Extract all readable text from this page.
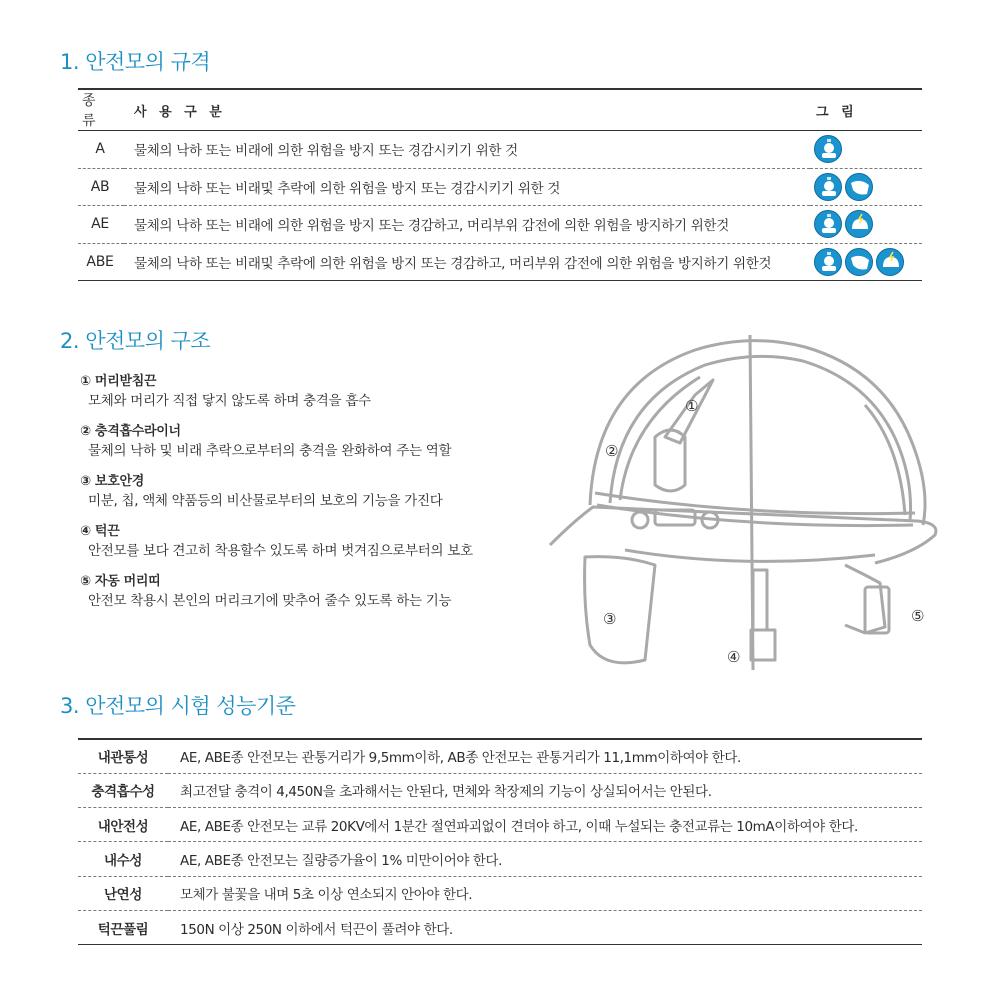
1. 안전모의 규격
종 류	사 용 구 분	그 림
A	물체의 낙하 또는 비래에 의한 위험을 방지 또는 경감시키기 위한 것	

AB	물체의 낙하 또는 비래및 추락에 의한 위험을 방지 또는 경감시키기 위한 것	

AE	물체의 낙하 또는 비래에 의한 위험을 방지 또는 경감하고, 머리부위 감전에 의한 위험을 방지하기 위한것	

ABE	물체의 낙하 또는 비래및 추락에 의한 위험을 방지 또는 경감하고, 머리부위 감전에 의한 위험을 방지하기 위한것	
2. 안전모의 구조
① 머리받침끈
모체와 머리가 직접 닿지 않도록 하며 충격을 흡수
② 충격흡수라이너
물체의 낙하 및 비래 추락으로부터의 충격을 완화하여 주는 역할
③ 보호안경
미분, 칩, 액체 약품등의 비산물로부터의 보호의 기능을 가진다
④ 턱끈
안전모를 보다 견고히 착용할수 있도록 하며 벗겨짐으로부터의 보호
⑤ 자동 머리띠
안전모 착용시 본인의 머리크기에 맞추어 줄수 있도록 하는 기능
①
②
③
④
⑤
3. 안전모의 시험 성능기준
내관통성	AE, ABE종 안전모는 관통거리가 9,5mm이하, AB종 안전모는 관통거리가 11,1mm이하여야 한다.
충격흡수성	최고전달 충격이 4,450N을 초과해서는 안된다, 면체와 착장제의 기능이 상실되어서는 안된다.
내안전성	AE, ABE종 안전모는 교류 20KV에서 1분간 절연파괴없이 견뎌야 하고, 이때 누설되는 충전교류는 10mA이하여야 한다.
내수성	AE, ABE종 안전모는 질량증가율이 1% 미만이어야 한다.
난연성	모체가 불꽃을 내며 5초 이상 연소되지 안아야 한다.
턱끈풀림	150N 이상 250N 이하에서 턱끈이 풀려야 한다.
